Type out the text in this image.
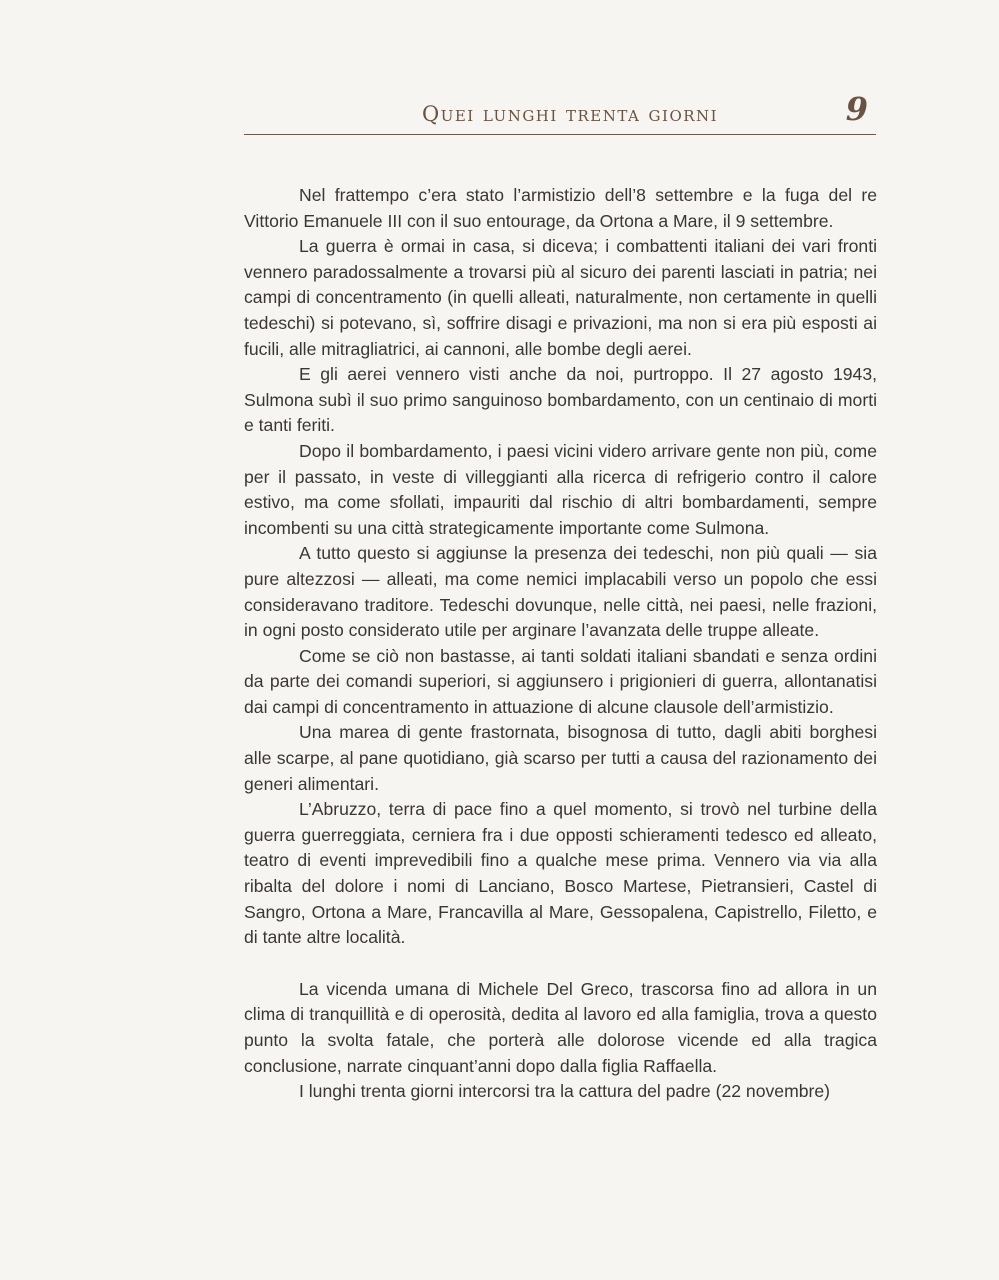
Quei lunghi trenta giorni	9

Nel frattempo c’era stato l’armistizio dell’8 settembre e la fuga del re Vittorio Emanuele III con il suo entourage, da Ortona a Mare, il 9 settembre.

La guerra è ormai in casa, si diceva; i combattenti italiani dei vari fronti vennero paradossalmente a trovarsi più al sicuro dei parenti lasciati in patria; nei campi di concentramento (in quelli alleati, naturalmente, non certamente in quelli tedeschi) si potevano, sì, soffrire disagi e privazioni, ma non si era più esposti ai fucili, alle mitragliatrici, ai cannoni, alle bombe degli aerei.

E gli aerei vennero visti anche da noi, purtroppo. Il 27 agosto 1943, Sulmona subì il suo primo sanguinoso bombardamento, con un centinaio di morti e tanti feriti.

Dopo il bombardamento, i paesi vicini videro arrivare gente non più, come per il passato, in veste di villeggianti alla ricerca di refrigerio contro il calore estivo, ma come sfollati, impauriti dal rischio di altri bombardamenti, sempre incombenti su una città strategicamente importante come Sulmona.

A tutto questo si aggiunse la presenza dei tedeschi, non più quali — sia pure altezzosi — alleati, ma come nemici implacabili verso un popolo che essi consideravano traditore. Tedeschi dovunque, nelle città, nei paesi, nelle frazioni, in ogni posto considerato utile per arginare l’avanzata delle truppe alleate.

Come se ciò non bastasse, ai tanti soldati italiani sbandati e senza ordini da parte dei comandi superiori, si aggiunsero i prigionieri di guerra, allontanatisi dai campi di concentramento in attuazione di alcune clausole dell’armistizio.

Una marea di gente frastornata, bisognosa di tutto, dagli abiti borghesi alle scarpe, al pane quotidiano, già scarso per tutti a causa del razionamento dei generi alimentari.

L’Abruzzo, terra di pace fino a quel momento, si trovò nel turbine della guerra guerreggiata, cerniera fra i due opposti schieramenti tedesco ed alleato, teatro di eventi imprevedibili fino a qualche mese prima. Vennero via via alla ribalta del dolore i nomi di Lanciano, Bosco Martese, Pietransieri, Castel di Sangro, Ortona a Mare, Francavilla al Mare, Gessopalena, Capistrello, Filetto, e di tante altre località.

La vicenda umana di Michele Del Greco, trascorsa fino ad allora in un clima di tranquillità e di operosità, dedita al lavoro ed alla famiglia, trova a questo punto la svolta fatale, che porterà alle dolorose vicende ed alla tragica conclusione, narrate cinquant’anni dopo dalla figlia Raffaella.

I lunghi trenta giorni intercorsi tra la cattura del padre (22 novembre)
